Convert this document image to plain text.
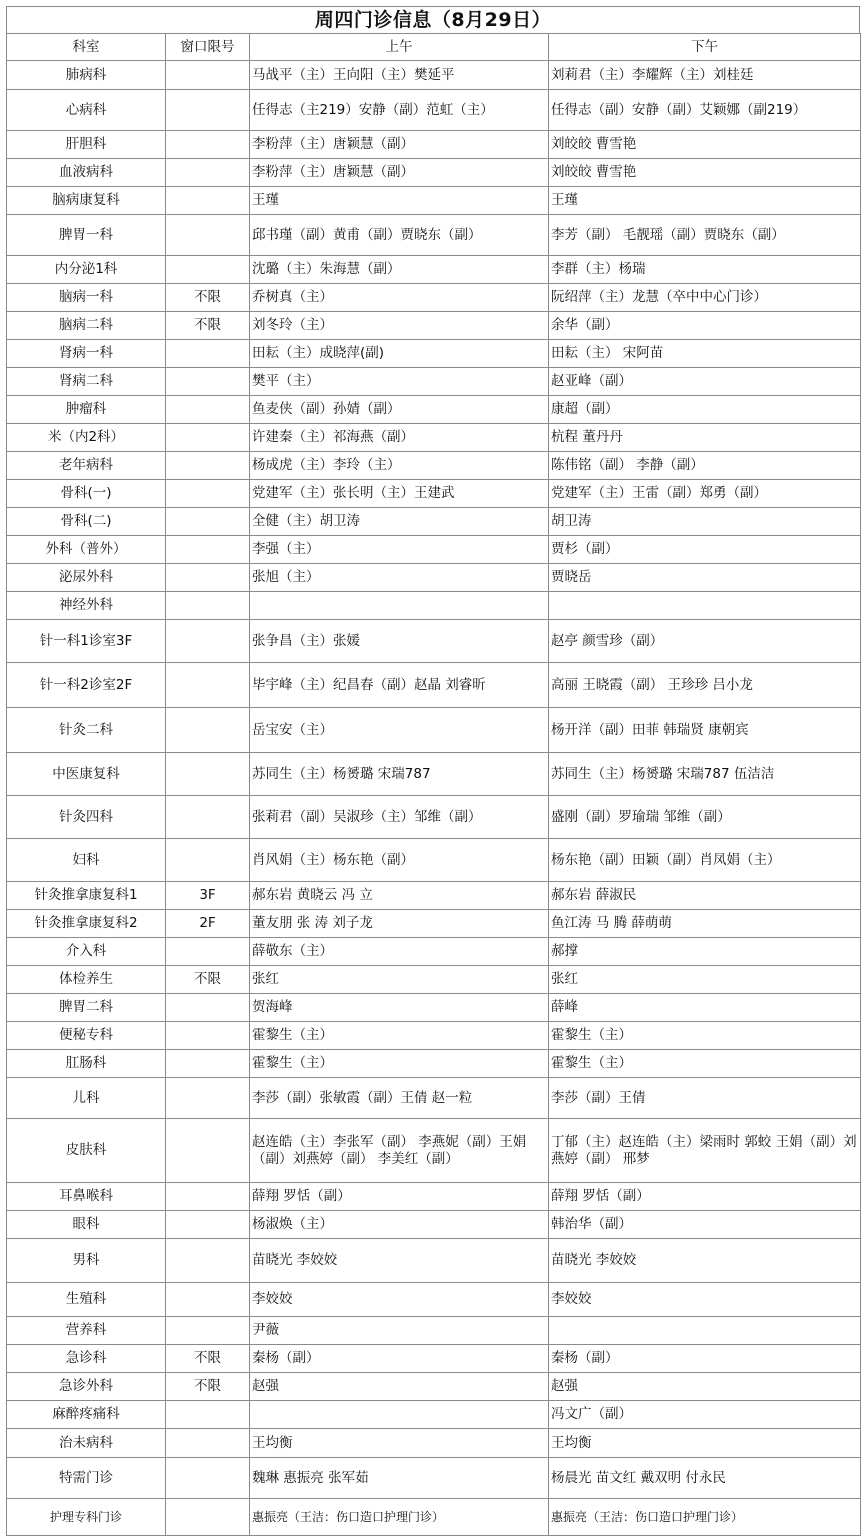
周四门诊信息（8月29日）
科室	窗口限号	上午	下午
肺病科		马战平（主）王向阳（主）樊延平	刘莉君（主）李耀辉（主）刘桂廷
心病科		任得志（主219）安静（副）范虹（主）	任得志（副）安静（副）艾颖娜（副219）
肝胆科		李粉萍（主）唐颖慧（副）	刘皎皎 曹雪艳
血液病科		李粉萍（主）唐颖慧（副）	刘皎皎 曹雪艳
脑病康复科		王瑾	王瑾
脾胃一科		邱书瑾（副）黄甫（副）贾晓东（副）	李芳（副） 毛靓瑶（副）贾晓东（副）
内分泌1科		沈璐（主）朱海慧（副）	李群（主）杨瑞
脑病一科	不限	乔树真（主）	阮绍萍（主）龙慧（卒中中心门诊）
脑病二科	不限	刘冬玲（主）	余华（副）
肾病一科		田耘（主）成晓萍(副)	田耘（主） 宋阿苗
肾病二科		樊平（主）	赵亚峰（副）
肿瘤科		鱼麦侠（副）孙婧（副）	康超（副）
米（内2科）		许建秦（主）祁海燕（副）	杭程 董丹丹
老年病科		杨成虎（主）李玲（主）	陈伟铭（副） 李静（副）
骨科(一)		党建军（主）张长明（主）王建武	党建军（主）王雷（副）郑勇（副）
骨科(二)		全健（主）胡卫涛	胡卫涛
外科（普外）		李强（主）	贾杉（副）
泌尿外科		张旭（主）	贾晓岳
神经外科			
针一科1诊室3F		张争昌（主）张媛	赵亭 颜雪珍（副）
针一科2诊室2F		毕宇峰（主）纪昌春（副）赵晶 刘睿昕	高丽 王晓霞（副） 王珍珍 吕小龙
针灸二科		岳宝安（主）	杨开洋（副）田菲 韩瑞贤 康朝宾
中医康复科		苏同生（主）杨赟璐 宋瑞787	苏同生（主）杨赟璐 宋瑞787 伍洁洁
针灸四科		张莉君（副）吴淑珍（主）邹维（副）	盛刚（副）罗瑜瑞 邹维（副）
妇科		肖风娟（主）杨东艳（副）	杨东艳（副）田颖（副）肖凤娟（主）
针灸推拿康复科1	3F	郝东岩 黄晓云 冯 立	郝东岩 薛淑民
针灸推拿康复科2	2F	董友朋 张 涛 刘子龙	鱼江涛 马 腾 薛萌萌
介入科		薛敬东（主）	郝撑
体检养生	不限	张红	张红
脾胃二科		贺海峰	薛峰
便秘专科		霍黎生（主）	霍黎生（主）
肛肠科		霍黎生（主）	霍黎生（主）
儿科		李莎（副）张敏霞（副）王倩 赵一粒	李莎（副）王倩
皮肤科		赵连皓（主）李张军（副） 李燕妮（副）王娟（副）刘燕婷（副） 李美红（副）	丁郁（主）赵连皓（主）梁雨时 郭蛟 王娟（副）刘燕婷（副） 邢梦
耳鼻喉科		薛翔 罗恬（副）	薛翔 罗恬（副）
眼科		杨淑焕（主）	韩治华（副）
男科		苗晓光 李姣姣	苗晓光 李姣姣
生殖科		李姣姣	李姣姣
营养科		尹薇	
急诊科	不限	秦杨（副）	秦杨（副）
急诊外科	不限	赵强	赵强
麻醉疼痛科			冯文广（副）
治未病科		王均衡	王均衡
特需门诊		魏琳 惠振亮 张军茹	杨晨光 苗文红 戴双明 付永民
护理专科门诊		惠振亮（王洁：伤口造口护理门诊）	惠振亮（王洁：伤口造口护理门诊）
